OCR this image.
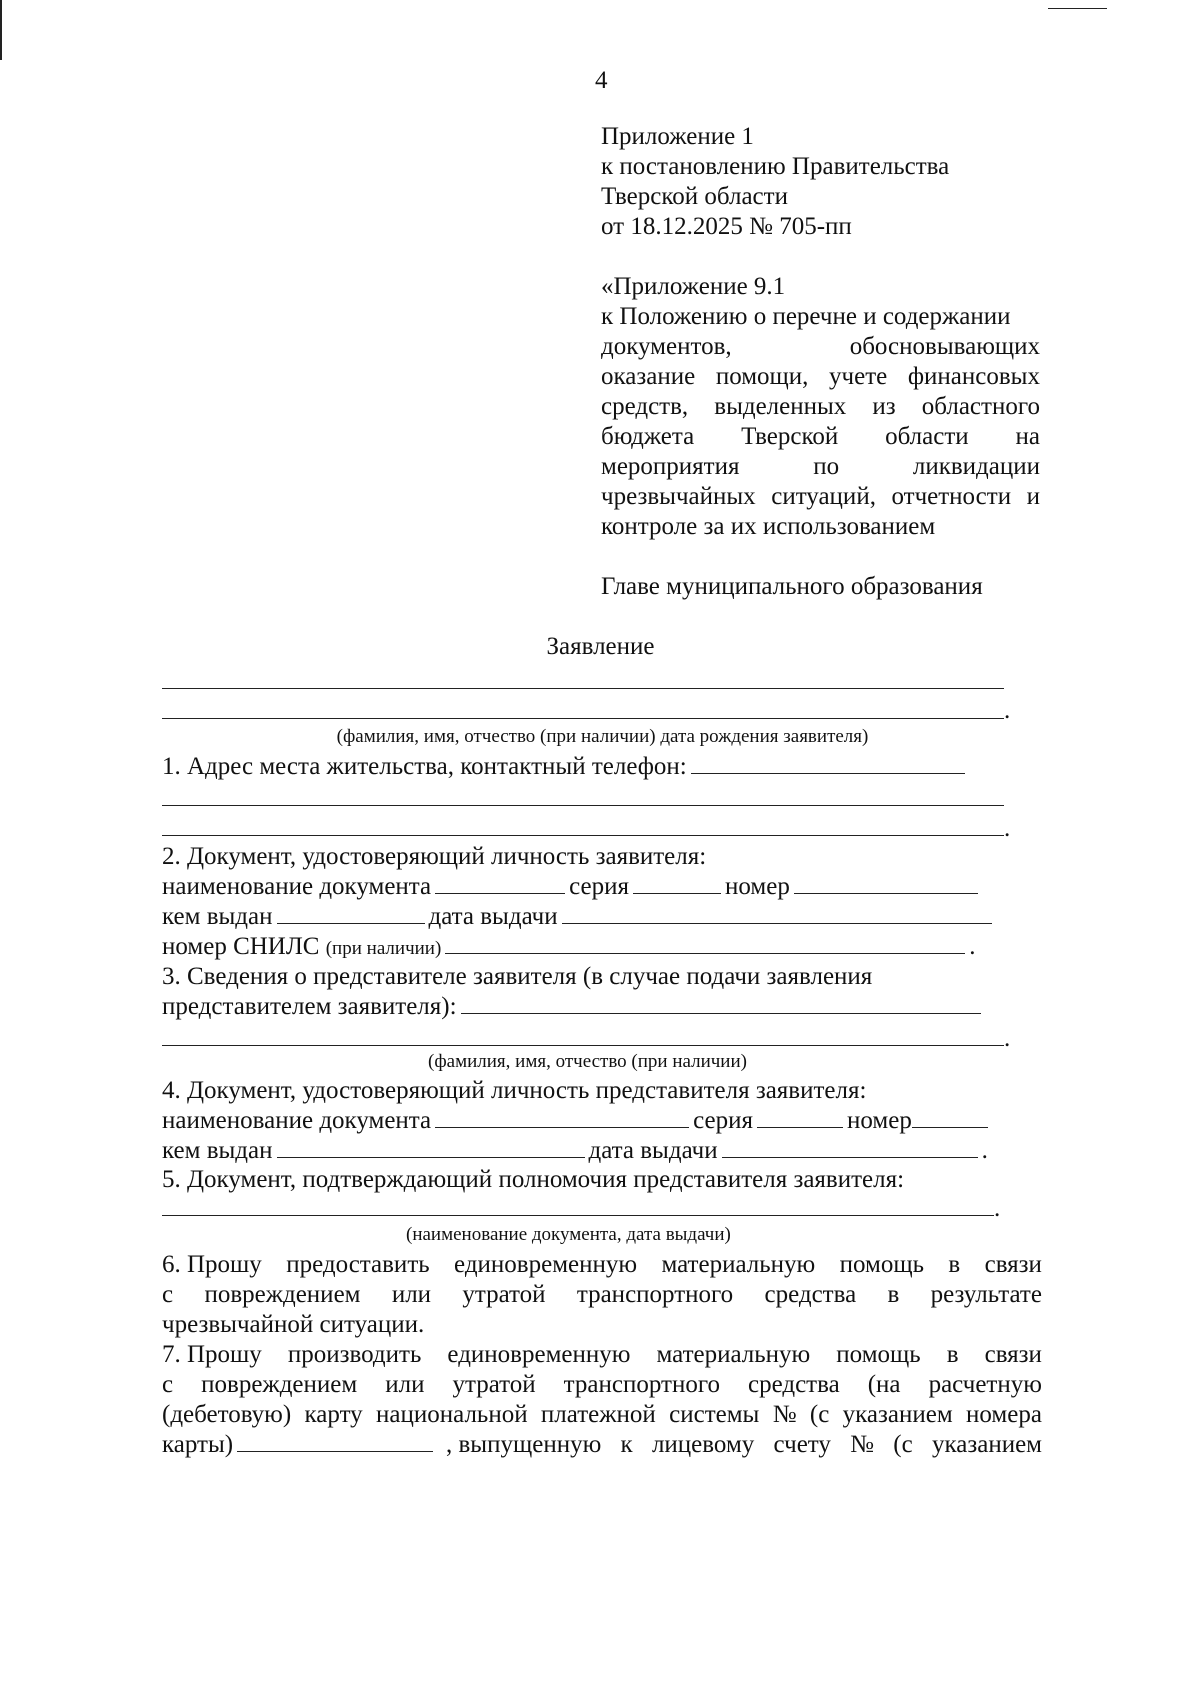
4
Приложение 1
к постановлению Правительства
Тверской области
от 18.12.2025 № 705-пп
«Приложение 9.1
к Положению о перечне и содержании
документов,	обосновывающих
оказание помощи, учете финансовых
средств, выделенных из областного
бюджета Тверской области на
мероприятия	по	ликвидации
чрезвычайных ситуаций, отчетности и
контроле за их использованием
Главе муниципального образования
Заявление
.
(фамилия, имя, отчество (при наличии) дата рождения заявителя)
1. Адрес места жительства, контактный телефон:
.
2. Документ, удостоверяющий личность заявителя:
наименование документа	серия	номер
кем выдан	дата выдачи
номер СНИЛС (при наличии)	.
3. Сведения о представителе заявителя (в случае подачи заявления
представителем заявителя):
.
(фамилия, имя, отчество (при наличии)
4. Документ, удостоверяющий личность представителя заявителя:
наименование документа	серия	номер
кем выдан	дата выдачи	.
5. Документ, подтверждающий полномочия представителя заявителя:
.
(наименование документа, дата выдачи)
6. Прошу предоставить единовременную материальную помощь в связи
с повреждением или утратой транспортного средства в результате
чрезвычайной ситуации.
7. Прошу производить единовременную материальную помощь в связи
с повреждением или утратой транспортного средства (на расчетную
(дебетовую) карту национальной платежной системы № (с указанием номера
карты)	, выпущенную к лицевому счету № (с указанием
